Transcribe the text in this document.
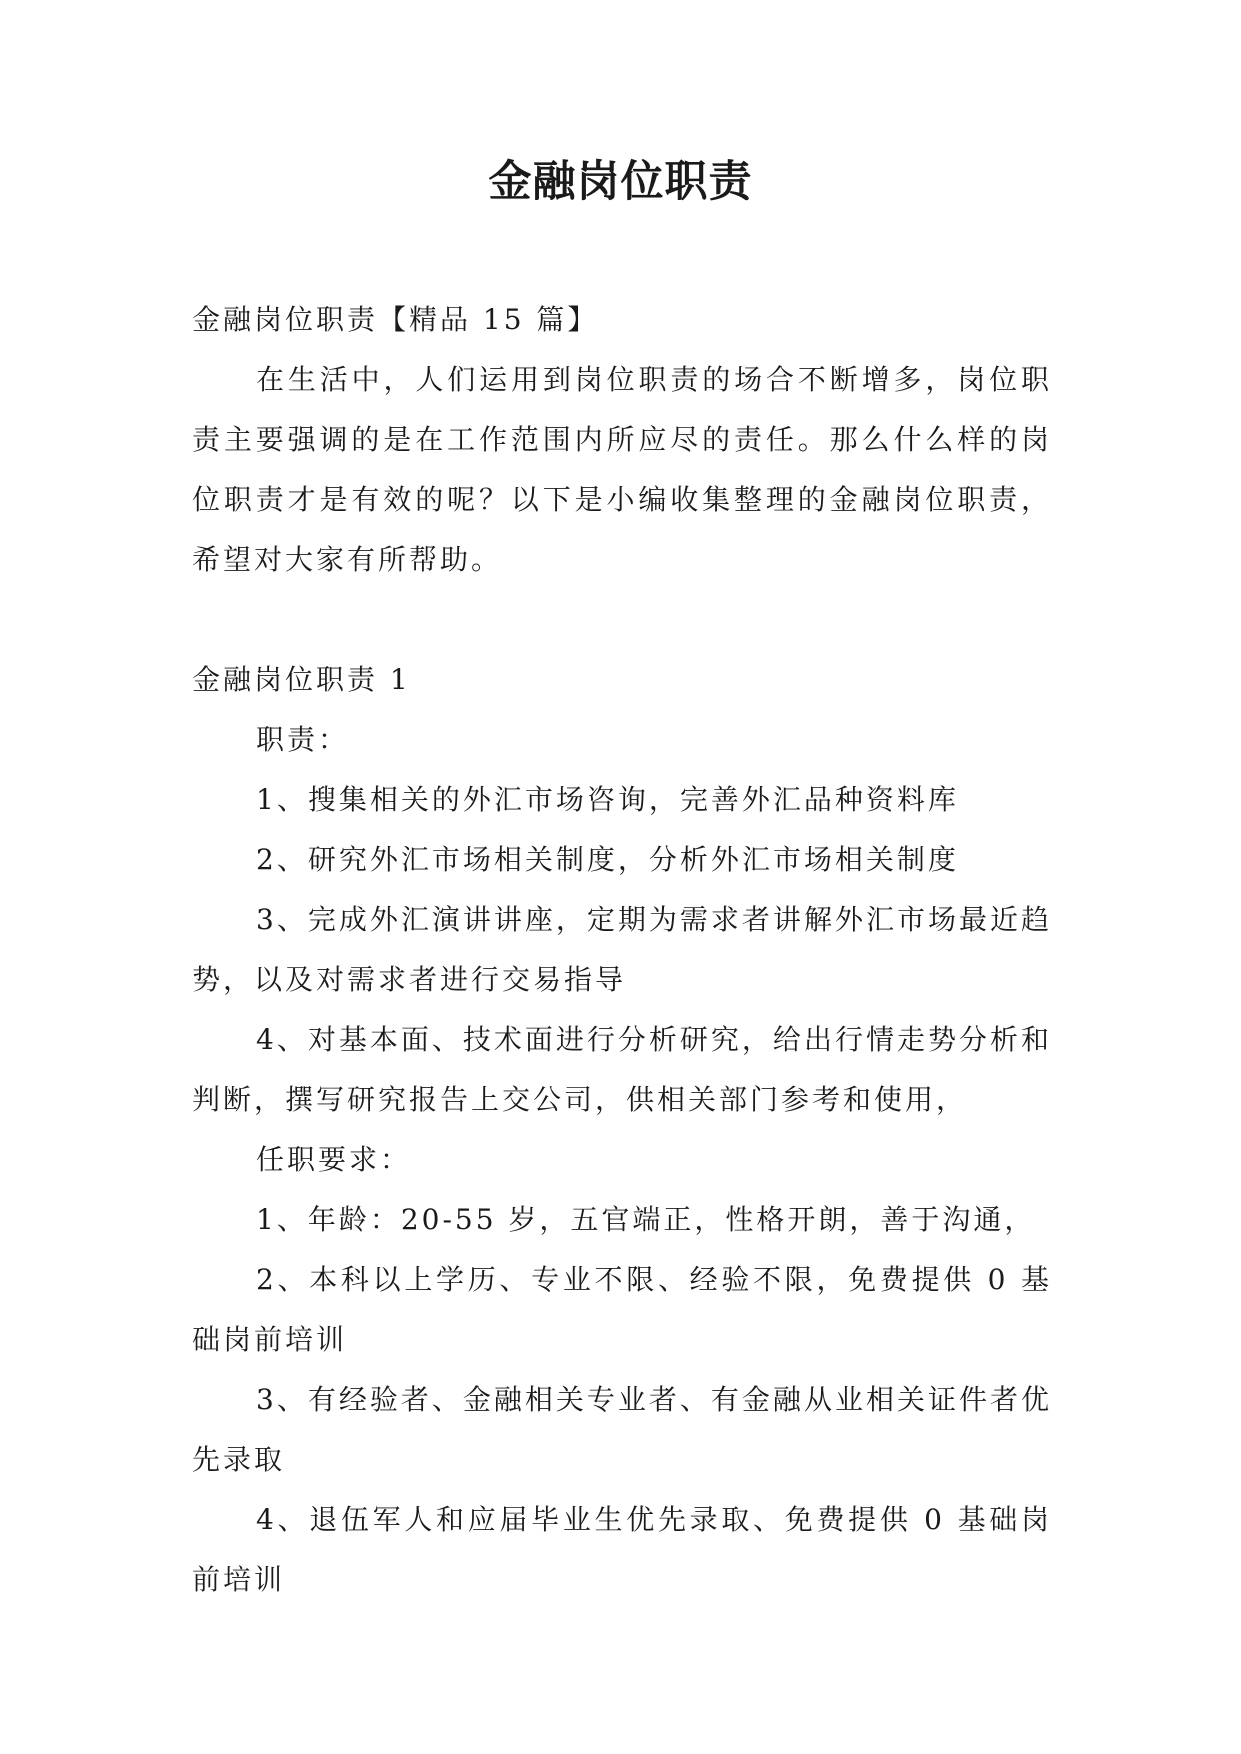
金融岗位职责

金融岗位职责【精品 15 篇】

在生活中，人们运用到岗位职责的场合不断增多，岗位职责主要强调的是在工作范围内所应尽的责任。那么什么样的岗位职责才是有效的呢？以下是小编收集整理的金融岗位职责，希望对大家有所帮助。

金融岗位职责 1

职责：

1、搜集相关的外汇市场咨询，完善外汇品种资料库

2、研究外汇市场相关制度，分析外汇市场相关制度

3、完成外汇演讲讲座，定期为需求者讲解外汇市场最近趋势，以及对需求者进行交易指导

4、对基本面、技术面进行分析研究，给出行情走势分析和判断，撰写研究报告上交公司，供相关部门参考和使用，

任职要求：

1、年龄：20-55 岁，五官端正，性格开朗，善于沟通，

2、本科以上学历、专业不限、经验不限，免费提供 0 基础岗前培训

3、有经验者、金融相关专业者、有金融从业相关证件者优先录取

4、退伍军人和应届毕业生优先录取、免费提供 0 基础岗前培训
